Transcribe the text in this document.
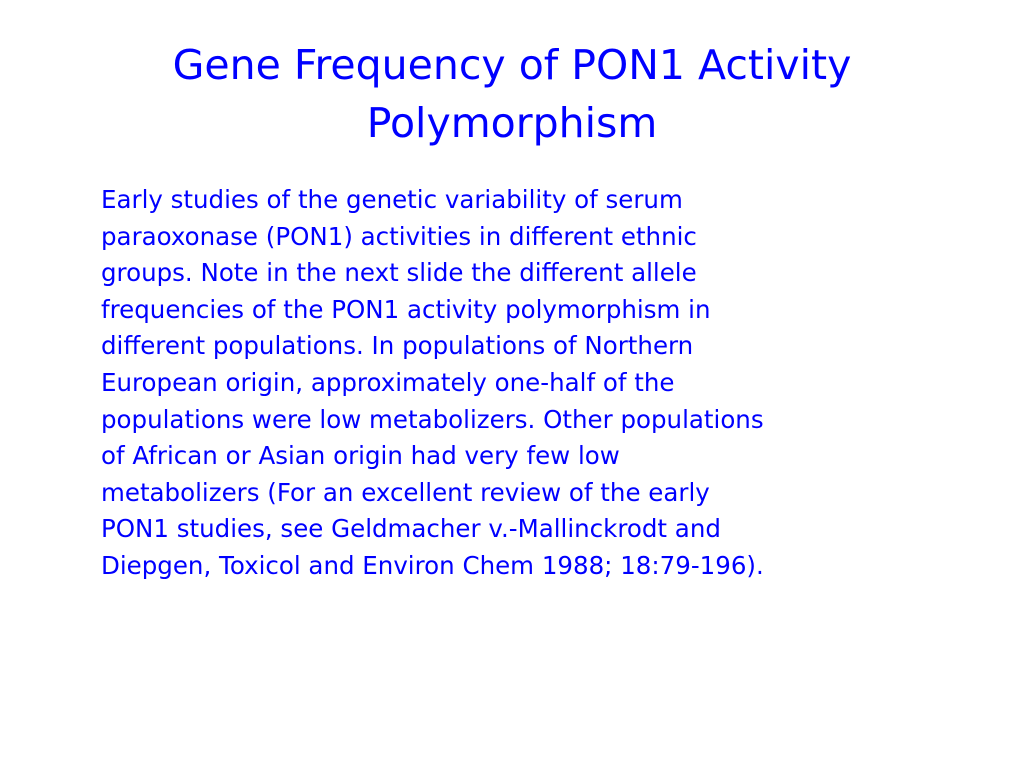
Gene Frequency of PON1 Activity
Polymorphism
Early studies of the genetic variability of serum
paraoxonase (PON1) activities in different ethnic
groups. Note in the next slide the different allele
frequencies of the PON1 activity polymorphism in
different populations. In populations of Northern
European origin, approximately one-half of the
populations were low metabolizers. Other populations
of African or Asian origin had very few low
metabolizers (For an excellent review of the early
PON1 studies, see Geldmacher v.-Mallinckrodt and
Diepgen, Toxicol and Environ Chem 1988; 18:79-196).
